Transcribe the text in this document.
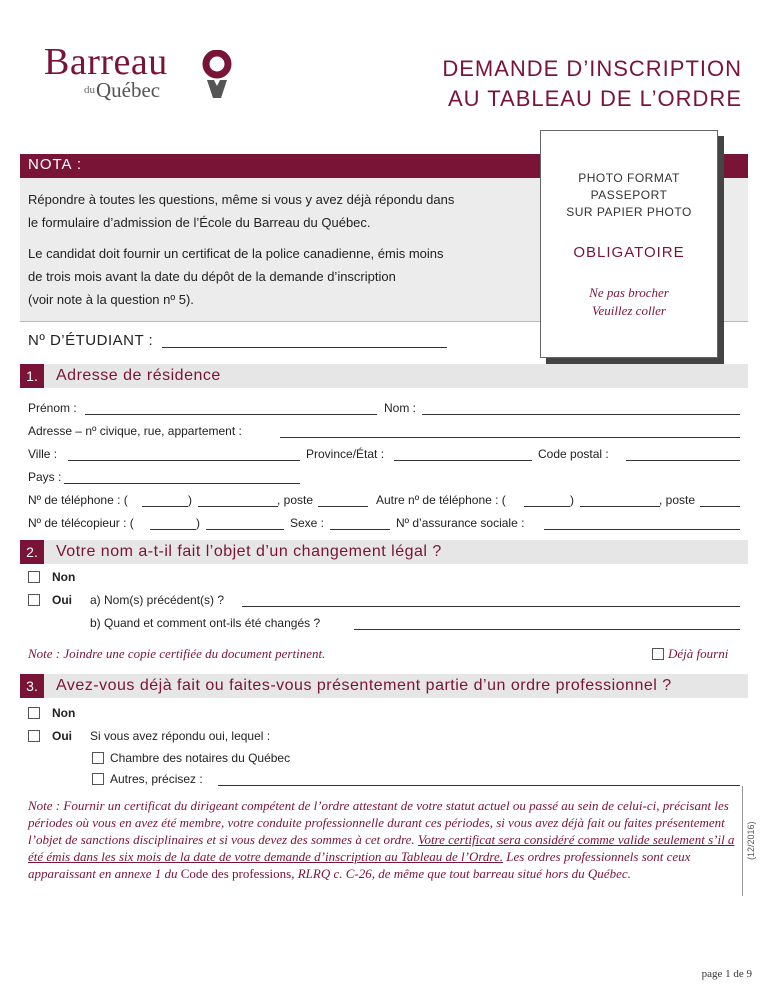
Barreau
du Québec
DEMANDE D’INSCRIPTION
AU TABLEAU DE L’ORDRE
NOTA :
Répondre à toutes les questions, même si vous y avez déjà répondu dans
le formulaire d’admission de l’École du Barreau du Québec.
Le candidat doit fournir un certificat de la police canadienne, émis moins
de trois mois avant la date du dépôt de la demande d’inscription
(voir note à la question nº 5).
Nº D’ÉTUDIANT :
PHOTO FORMAT
PASSEPORT
SUR PAPIER PHOTO
OBLIGATOIRE
Ne pas brocher
Veuillez coller
1.	Adresse de résidence
Prénom :	Nom :
Adresse – nº civique, rue, appartement :
Ville :	Province/État :	Code postal :
Pays :
Nº de téléphone : (	)	, poste	Autre nº de téléphone : (	)	, poste
Nº de télécopieur : (	)	Sexe :	Nº d’assurance sociale :
2.	Votre nom a-t-il fait l’objet d’un changement légal ?
Non
Oui a) Nom(s) précédent(s) ?
b) Quand et comment ont-ils été changés ?
Note : Joindre une copie certifiée du document pertinent.	Déjà fourni
3.	Avez-vous déjà fait ou faites-vous présentement partie d’un ordre professionnel ?
Non
Oui Si vous avez répondu oui, lequel :
Chambre des notaires du Québec
Autres, précisez :
Note : Fournir un certificat du dirigeant compétent de l’ordre attestant de votre statut actuel ou passé au sein de celui-ci, précisant les périodes où vous en avez été membre, votre conduite professionnelle durant ces périodes, si vous avez déjà fait ou faites présentement l’objet de sanctions disciplinaires et si vous devez des sommes à cet ordre. Votre certificat sera considéré comme valide seulement s’il a été émis dans les six mois de la date de votre demande d’inscription au Tableau de l’Ordre. Les ordres professionnels sont ceux apparaissant en annexe 1 du Code des professions, RLRQ c. C-26, de même que tout barreau situé hors du Québec.
(12/2016)
page 1 de 9
